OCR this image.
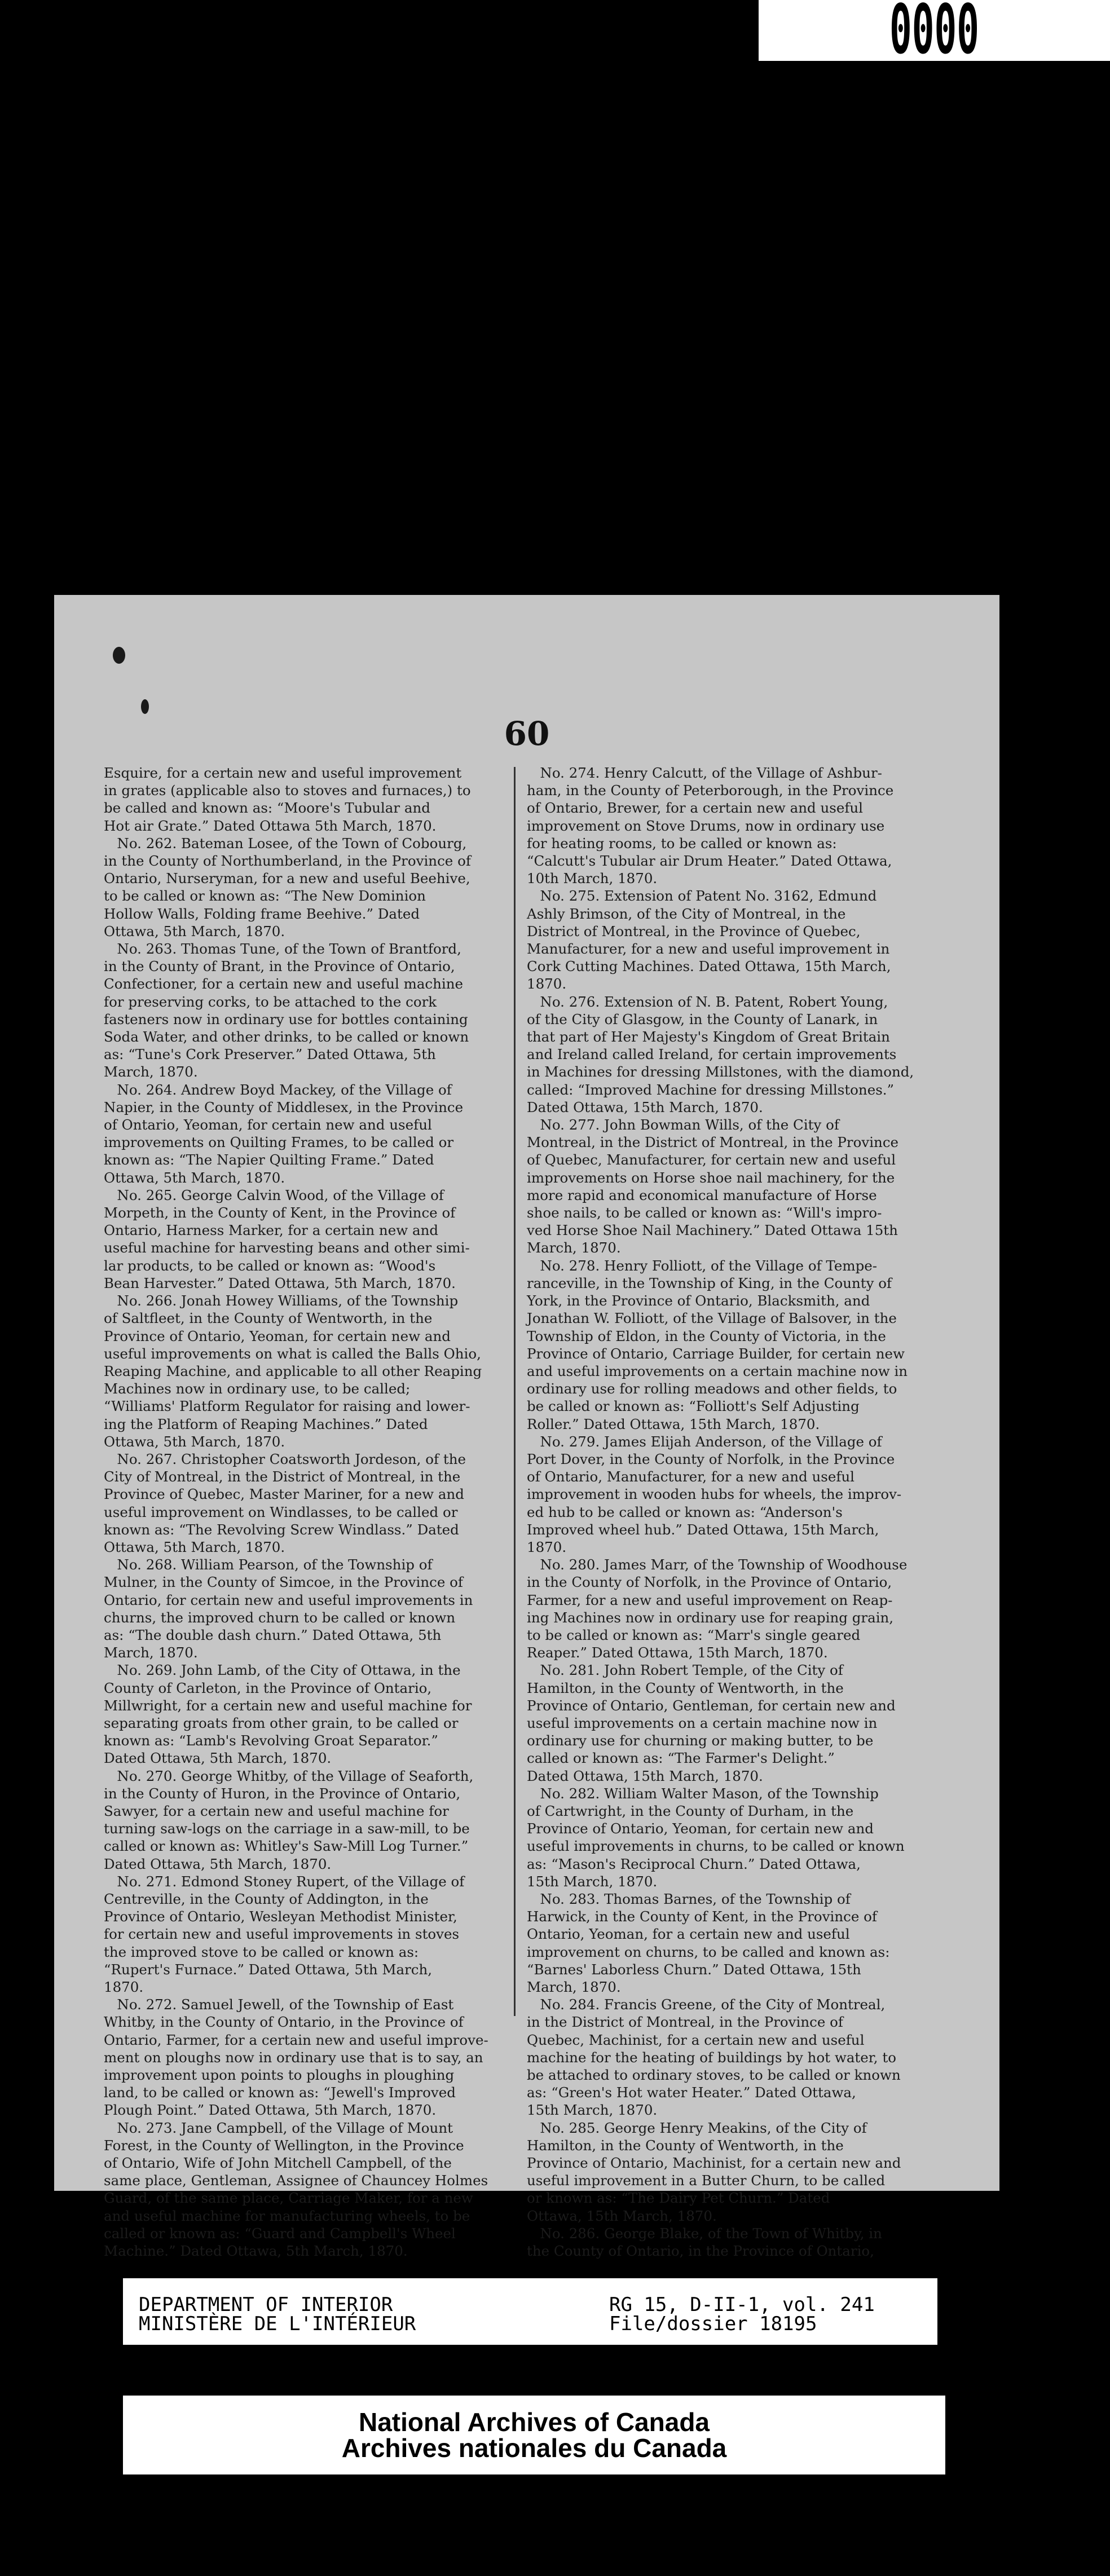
0000
60
Esquire, for a certain new and useful improvement
in grates (applicable also to stoves and furnaces,) to
be called and known as: “Moore's Tubular and
Hot air Grate.” Dated Ottawa 5th March, 1870.
No. 262. Bateman Losee, of the Town of Cobourg,
in the County of Northumberland, in the Province of
Ontario, Nurseryman, for a new and useful Beehive,
to be called or known as: “The New Dominion
Hollow Walls, Folding frame Beehive.” Dated
Ottawa, 5th March, 1870.
No. 263. Thomas Tune, of the Town of Brantford,
in the County of Brant, in the Province of Ontario,
Confectioner, for a certain new and useful machine
for preserving corks, to be attached to the cork
fasteners now in ordinary use for bottles containing
Soda Water, and other drinks, to be called or known
as: “Tune's Cork Preserver.” Dated Ottawa, 5th
March, 1870.
No. 264. Andrew Boyd Mackey, of the Village of
Napier, in the County of Middlesex, in the Province
of Ontario, Yeoman, for certain new and useful
improvements on Quilting Frames, to be called or
known as: “The Napier Quilting Frame.” Dated
Ottawa, 5th March, 1870.
No. 265. George Calvin Wood, of the Village of
Morpeth, in the County of Kent, in the Province of
Ontario, Harness Marker, for a certain new and
useful machine for harvesting beans and other simi-
lar products, to be called or known as: “Wood's
Bean Harvester.” Dated Ottawa, 5th March, 1870.
No. 266. Jonah Howey Williams, of the Township
of Saltfleet, in the County of Wentworth, in the
Province of Ontario, Yeoman, for certain new and
useful improvements on what is called the Balls Ohio,
Reaping Machine, and applicable to all other Reaping
Machines now in ordinary use, to be called;
“Williams' Platform Regulator for raising and lower-
ing the Platform of Reaping Machines.” Dated
Ottawa, 5th March, 1870.
No. 267. Christopher Coatsworth Jordeson, of the
City of Montreal, in the District of Montreal, in the
Province of Quebec, Master Mariner, for a new and
useful improvement on Windlasses, to be called or
known as: “The Revolving Screw Windlass.” Dated
Ottawa, 5th March, 1870.
No. 268. William Pearson, of the Township of
Mulner, in the County of Simcoe, in the Province of
Ontario, for certain new and useful improvements in
churns, the improved churn to be called or known
as: “The double dash churn.” Dated Ottawa, 5th
March, 1870.
No. 269. John Lamb, of the City of Ottawa, in the
County of Carleton, in the Province of Ontario,
Millwright, for a certain new and useful machine for
separating groats from other grain, to be called or
known as: “Lamb's Revolving Groat Separator.”
Dated Ottawa, 5th March, 1870.
No. 270. George Whitby, of the Village of Seaforth,
in the County of Huron, in the Province of Ontario,
Sawyer, for a certain new and useful machine for
turning saw-logs on the carriage in a saw-mill, to be
called or known as: Whitley's Saw-Mill Log Turner.”
Dated Ottawa, 5th March, 1870.
No. 271. Edmond Stoney Rupert, of the Village of
Centreville, in the County of Addington, in the
Province of Ontario, Wesleyan Methodist Minister,
for certain new and useful improvements in stoves
the improved stove to be called or known as:
“Rupert's Furnace.” Dated Ottawa, 5th March,
1870.
No. 272. Samuel Jewell, of the Township of East
Whitby, in the County of Ontario, in the Province of
Ontario, Farmer, for a certain new and useful improve-
ment on ploughs now in ordinary use that is to say, an
improvement upon points to ploughs in ploughing
land, to be called or known as: “Jewell's Improved
Plough Point.” Dated Ottawa, 5th March, 1870.
No. 273. Jane Campbell, of the Village of Mount
Forest, in the County of Wellington, in the Province
of Ontario, Wife of John Mitchell Campbell, of the
same place, Gentleman, Assignee of Chauncey Holmes
Guard, of the same place, Carriage Maker, for a new
and useful machine for manufacturing wheels, to be
called or known as: “Guard and Campbell's Wheel
Machine.” Dated Ottawa, 5th March, 1870.
No. 274. Henry Calcutt, of the Village of Ashbur-
ham, in the County of Peterborough, in the Province
of Ontario, Brewer, for a certain new and useful
improvement on Stove Drums, now in ordinary use
for heating rooms, to be called or known as:
“Calcutt's Tubular air Drum Heater.” Dated Ottawa,
10th March, 1870.
No. 275. Extension of Patent No. 3162, Edmund
Ashly Brimson, of the City of Montreal, in the
District of Montreal, in the Province of Quebec,
Manufacturer, for a new and useful improvement in
Cork Cutting Machines. Dated Ottawa, 15th March,
1870.
No. 276. Extension of N. B. Patent, Robert Young,
of the City of Glasgow, in the County of Lanark, in
that part of Her Majesty's Kingdom of Great Britain
and Ireland called Ireland, for certain improvements
in Machines for dressing Millstones, with the diamond,
called: “Improved Machine for dressing Millstones.”
Dated Ottawa, 15th March, 1870.
No. 277. John Bowman Wills, of the City of
Montreal, in the District of Montreal, in the Province
of Quebec, Manufacturer, for certain new and useful
improvements on Horse shoe nail machinery, for the
more rapid and economical manufacture of Horse
shoe nails, to be called or known as: “Will's impro-
ved Horse Shoe Nail Machinery.” Dated Ottawa 15th
March, 1870.
No. 278. Henry Folliott, of the Village of Tempe-
ranceville, in the Township of King, in the County of
York, in the Province of Ontario, Blacksmith, and
Jonathan W. Folliott, of the Village of Balsover, in the
Township of Eldon, in the County of Victoria, in the
Province of Ontario, Carriage Builder, for certain new
and useful improvements on a certain machine now in
ordinary use for rolling meadows and other fields, to
be called or known as: “Folliott's Self Adjusting
Roller.” Dated Ottawa, 15th March, 1870.
No. 279. James Elijah Anderson, of the Village of
Port Dover, in the County of Norfolk, in the Province
of Ontario, Manufacturer, for a new and useful
improvement in wooden hubs for wheels, the improv-
ed hub to be called or known as: “Anderson's
Improved wheel hub.” Dated Ottawa, 15th March,
1870.
No. 280. James Marr, of the Township of Woodhouse
in the County of Norfolk, in the Province of Ontario,
Farmer, for a new and useful improvement on Reap-
ing Machines now in ordinary use for reaping grain,
to be called or known as: “Marr's single geared
Reaper.” Dated Ottawa, 15th March, 1870.
No. 281. John Robert Temple, of the City of
Hamilton, in the County of Wentworth, in the
Province of Ontario, Gentleman, for certain new and
useful improvements on a certain machine now in
ordinary use for churning or making butter, to be
called or known as: “The Farmer's Delight.”
Dated Ottawa, 15th March, 1870.
No. 282. William Walter Mason, of the Township
of Cartwright, in the County of Durham, in the
Province of Ontario, Yeoman, for certain new and
useful improvements in churns, to be called or known
as: “Mason's Reciprocal Churn.” Dated Ottawa,
15th March, 1870.
No. 283. Thomas Barnes, of the Township of
Harwick, in the County of Kent, in the Province of
Ontario, Yeoman, for a certain new and useful
improvement on churns, to be called and known as:
“Barnes' Laborless Churn.” Dated Ottawa, 15th
March, 1870.
No. 284. Francis Greene, of the City of Montreal,
in the District of Montreal, in the Province of
Quebec, Machinist, for a certain new and useful
machine for the heating of buildings by hot water, to
be attached to ordinary stoves, to be called or known
as: “Green's Hot water Heater.” Dated Ottawa,
15th March, 1870.
No. 285. George Henry Meakins, of the City of
Hamilton, in the County of Wentworth, in the
Province of Ontario, Machinist, for a certain new and
useful improvement in a Butter Churn, to be called
or known as: “The Dairy Pet Churn.” Dated
Ottawa, 15th March, 1870.
No. 286. George Blake, of the Town of Whitby, in
the County of Ontario, in the Province of Ontario,
DEPARTMENT OF INTERIOR
MINISTÈRE DE L'INTÉRIEUR
RG 15, D-II-1, vol. 241
File/dossier 18195
National Archives of Canada
Archives nationales du Canada
